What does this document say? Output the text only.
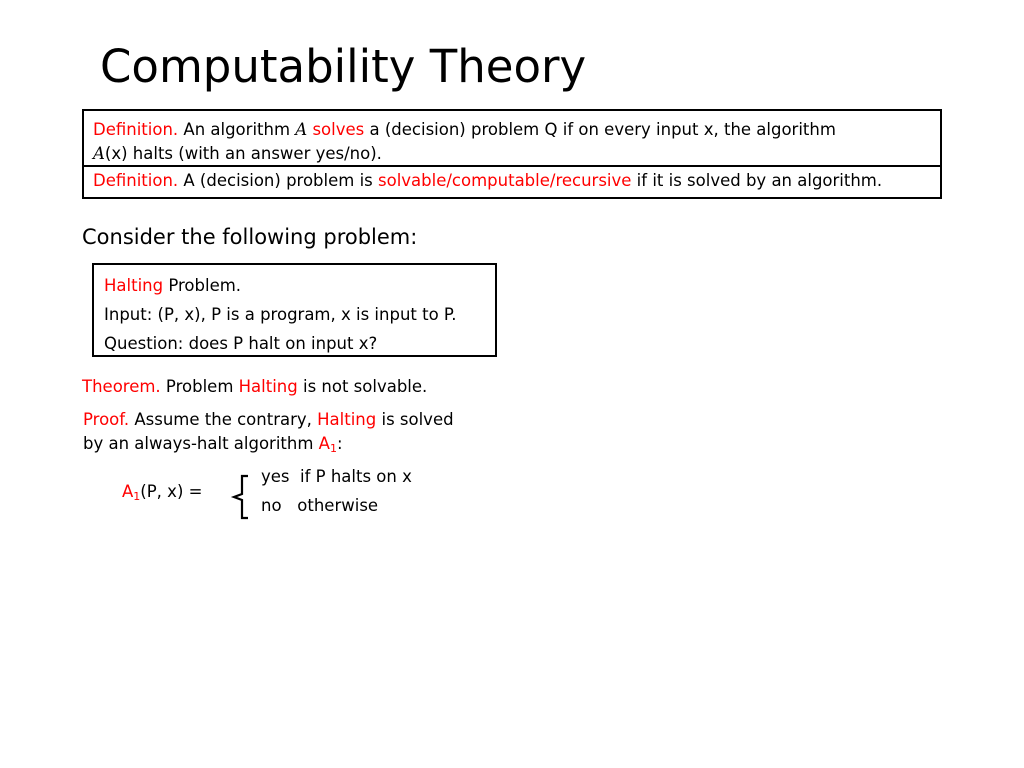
Computability Theory
Definition. An algorithm A solves a (decision) problem Q if on every input x, the algorithm
A(x) halts (with an answer yes/no).
Definition. A (decision) problem is solvable/computable/recursive if it is solved by an algorithm.
Consider the following problem:
Halting Problem.
Input: (P, x), P is a program, x is input to P.
Question: does P halt on input x?
Theorem. Problem Halting is not solvable.
Proof. Assume the contrary, Halting is solved
by an always-halt algorithm $A_1$:
$A_1(P$, x) =
yes  if P halts on x
no   otherwise
